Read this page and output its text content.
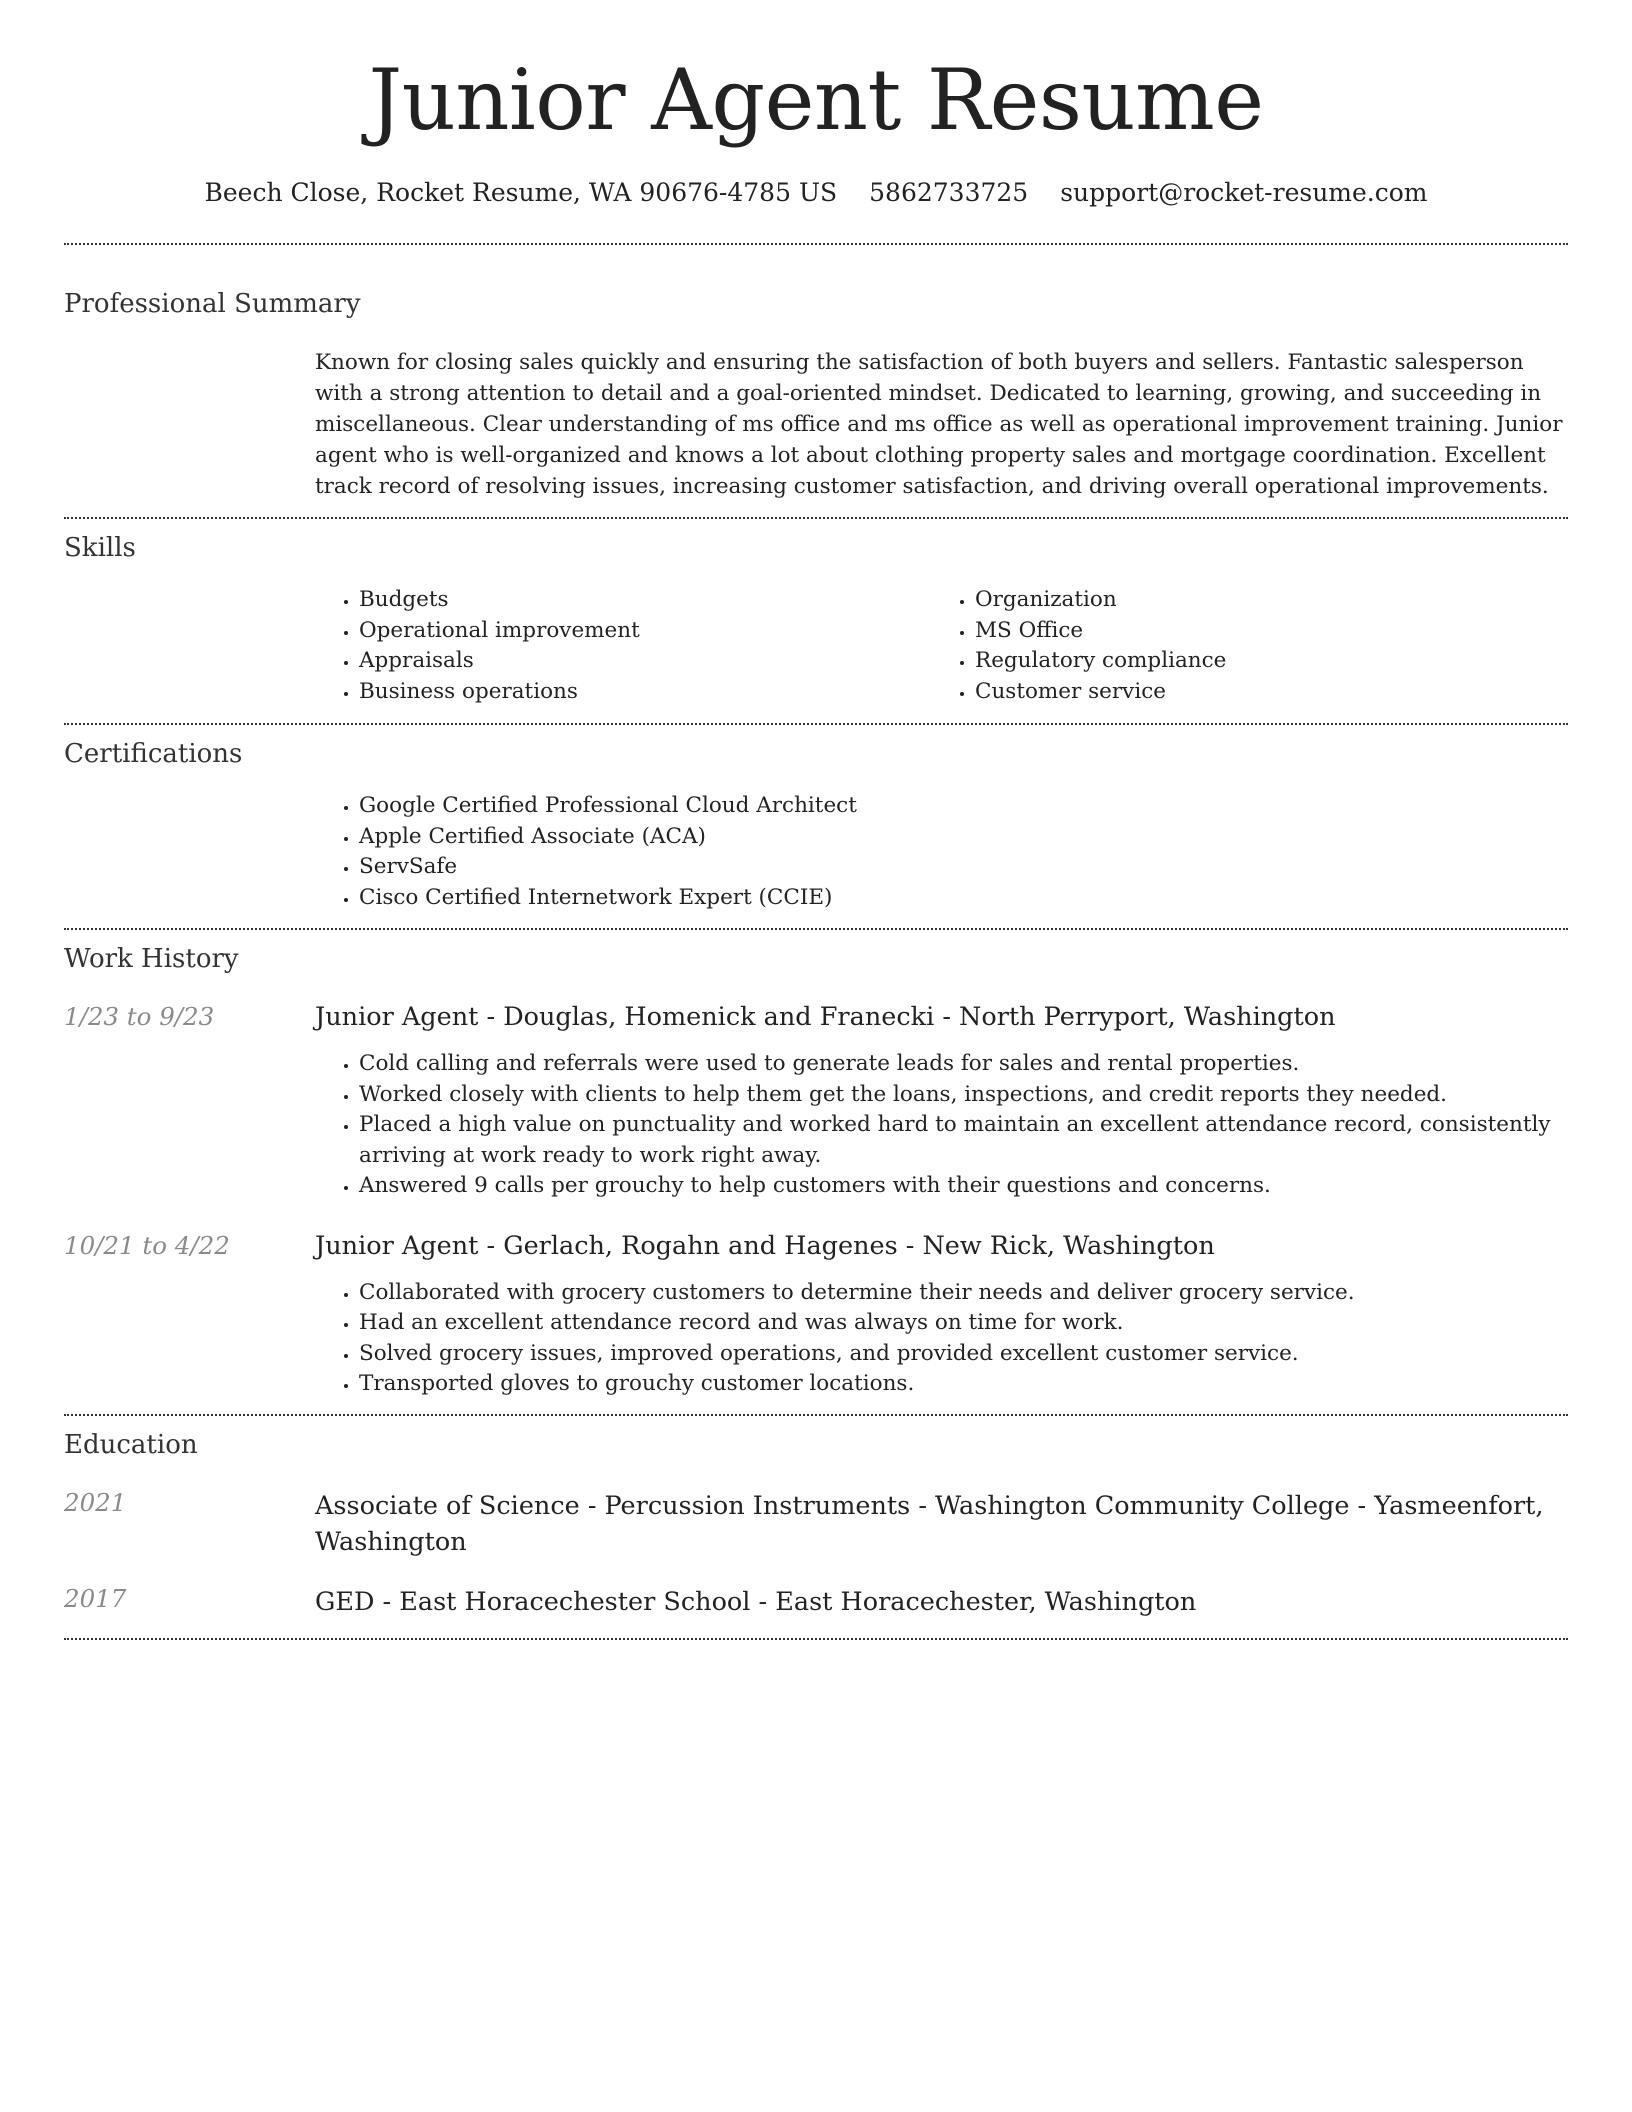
Junior Agent Resume
Beech Close, Rocket Resume, WA 90676-4785 US 5862733725 support@rocket-resume.com
Professional Summary

Known for closing sales quickly and ensuring the satisfaction of both buyers and sellers. Fantastic salesperson with a strong attention to detail and a goal-oriented mindset. Dedicated to learning, growing, and succeeding in miscellaneous. Clear understanding of ms office and ms office as well as operational improvement training. Junior agent who is well-organized and knows a lot about clothing property sales and mortgage coordination. Excellent track record of resolving issues, increasing customer satisfaction, and driving overall operational improvements.

Skills
• Budgets
• Operational improvement
• Appraisals
• Business operations
• Organization
• MS Office
• Regulatory compliance
• Customer service
Certifications
• Google Certified Professional Cloud Architect
• Apple Certified Associate (ACA)
• ServSafe
• Cisco Certified Internetwork Expert (CCIE)
Work History
1/23 to 9/23	Junior Agent - Douglas, Homenick and Franecki - North Perryport, Washington
• Cold calling and referrals were used to generate leads for sales and rental properties.
• Worked closely with clients to help them get the loans, inspections, and credit reports they needed.
• Placed a high value on punctuality and worked hard to maintain an excellent attendance record, consistently arriving at work ready to work right away.
• Answered 9 calls per grouchy to help customers with their questions and concerns.
10/21 to 4/22	Junior Agent - Gerlach, Rogahn and Hagenes - New Rick, Washington
• Collaborated with grocery customers to determine their needs and deliver grocery service.
• Had an excellent attendance record and was always on time for work.
• Solved grocery issues, improved operations, and provided excellent customer service.
• Transported gloves to grouchy customer locations.
Education
2021	Associate of Science - Percussion Instruments - Washington Community College - Yasmeenfort, Washington
2017	GED - East Horacechester School - East Horacechester, Washington
